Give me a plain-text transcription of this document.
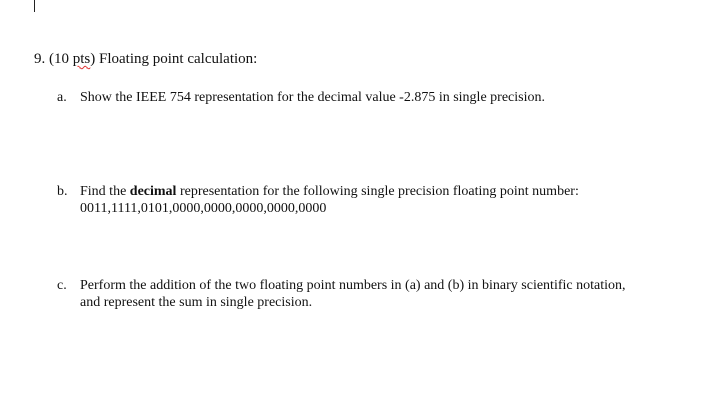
9. (10 pts) Floating point calculation:
a. Show the IEEE 754 representation for the decimal value -2.875 in single precision.
b. Find the decimal representation for the following single precision floating point number:
0011,1111,0101,0000,0000,0000,0000,0000
c. Perform the addition of the two floating point numbers in (a) and (b) in binary scientific notation,
and represent the sum in single precision.
